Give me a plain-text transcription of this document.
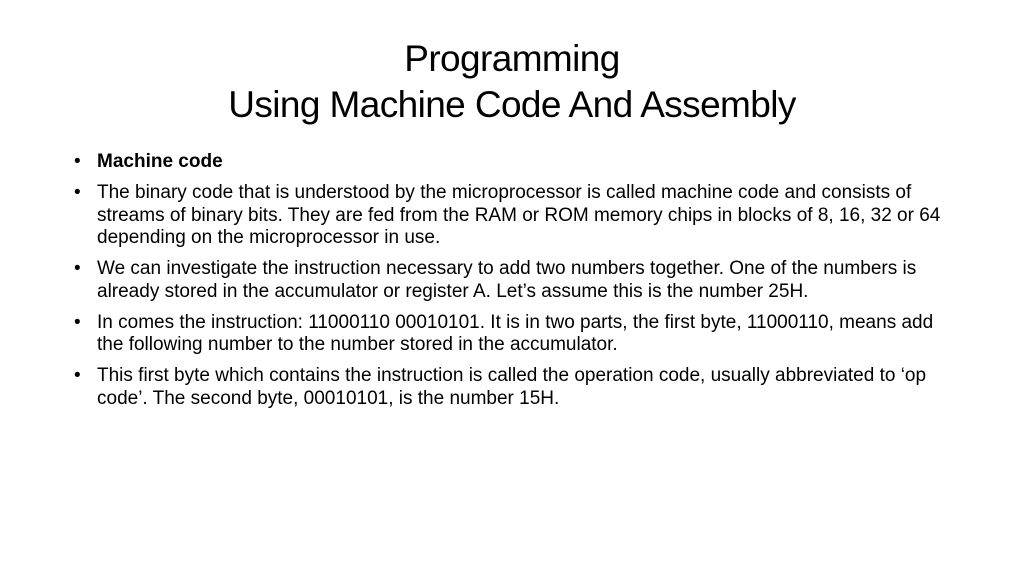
Programming
Using Machine Code And Assembly
• Machine code
• The binary code that is understood by the microprocessor is called machine code and consists of streams of binary bits. They are fed from the RAM or ROM memory chips in blocks of 8, 16, 32 or 64 depending on the microprocessor in use.
• We can investigate the instruction necessary to add two numbers together. One of the numbers is already stored in the accumulator or register A. Let’s assume this is the number 25H.
• In comes the instruction: 11000110 00010101. It is in two parts, the first byte, 11000110, means add the following number to the number stored in the accumulator.
• This first byte which contains the instruction is called the operation code, usually abbreviated to ‘op code’. The second byte, 00010101, is the number 15H.
